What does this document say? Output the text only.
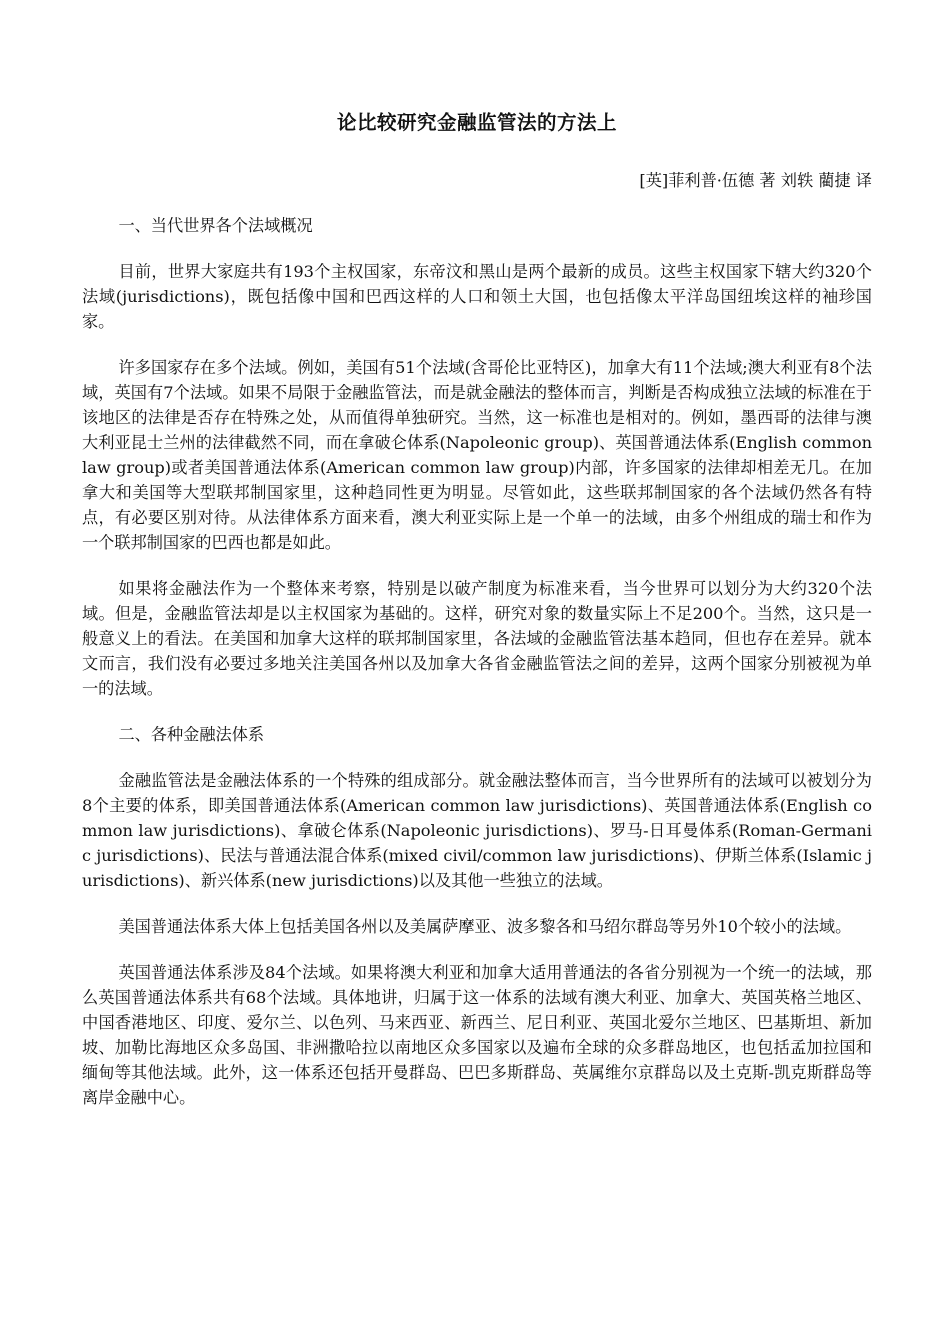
论比较研究金融监管法的方法上
[英]菲利普·伍德 著 刘轶 藺捷 译
一、当代世界各个法域概况

目前，世界大家庭共有193个主权国家，东帝汶和黑山是两个最新的成员。这些主权国家下辖大约320个法域(jurisdictions)，既包括像中国和巴西这样的人口和领土大国，也包括像太平洋岛国纽埃这样的袖珍国家。

许多国家存在多个法域。例如，美国有51个法域(含哥伦比亚特区)，加拿大有11个法域;澳大利亚有8个法域，英国有7个法域。如果不局限于金融监管法，而是就金融法的整体而言，判断是否构成独立法域的标准在于该地区的法律是否存在特殊之处，从而值得单独研究。当然，这一标准也是相对的。例如，墨西哥的法律与澳大利亚昆士兰州的法律截然不同，而在拿破仑体系(Napoleonic group)、英国普通法体系(English common law group)或者美国普通法体系(American common law group)内部，许多国家的法律却相差无几。在加拿大和美国等大型联邦制国家里，这种趋同性更为明显。尽管如此，这些联邦制国家的各个法域仍然各有特点，有必要区别对待。从法律体系方面来看，澳大利亚实际上是一个单一的法域，由多个州组成的瑞士和作为一个联邦制国家的巴西也都是如此。

如果将金融法作为一个整体来考察，特别是以破产制度为标准来看，当今世界可以划分为大约320个法域。但是，金融监管法却是以主权国家为基础的。这样，研究对象的数量实际上不足200个。当然，这只是一般意义上的看法。在美国和加拿大这样的联邦制国家里，各法域的金融监管法基本趋同，但也存在差异。就本文而言，我们没有必要过多地关注美国各州以及加拿大各省金融监管法之间的差异，这两个国家分别被视为单一的法域。

二、各种金融法体系

金融监管法是金融法体系的一个特殊的组成部分。就金融法整体而言，当今世界所有的法域可以被划分为8个主要的体系，即美国普通法体系(American common law jurisdictions)、英国普通法体系(English common law jurisdictions)、拿破仑体系(Napoleonic jurisdictions)、罗马-日耳曼体系(Roman-Germanic jurisdictions)、民法与普通法混合体系(mixed civil/common law jurisdictions)、伊斯兰体系(Islamic jurisdictions)、新兴体系(new jurisdictions)以及其他一些独立的法域。

美国普通法体系大体上包括美国各州以及美属萨摩亚、波多黎各和马绍尔群岛等另外10个较小的法域。

英国普通法体系涉及84个法域。如果将澳大利亚和加拿大适用普通法的各省分别视为一个统一的法域，那么英国普通法体系共有68个法域。具体地讲，归属于这一体系的法域有澳大利亚、加拿大、英国英格兰地区、中国香港地区、印度、爱尔兰、以色列、马来西亚、新西兰、尼日利亚、英国北爱尔兰地区、巴基斯坦、新加坡、加勒比海地区众多岛国、非洲撒哈拉以南地区众多国家以及遍布全球的众多群岛地区，也包括孟加拉国和缅甸等其他法域。此外，这一体系还包括开曼群岛、巴巴多斯群岛、英属维尔京群岛以及土克斯-凯克斯群岛等离岸金融中心。
